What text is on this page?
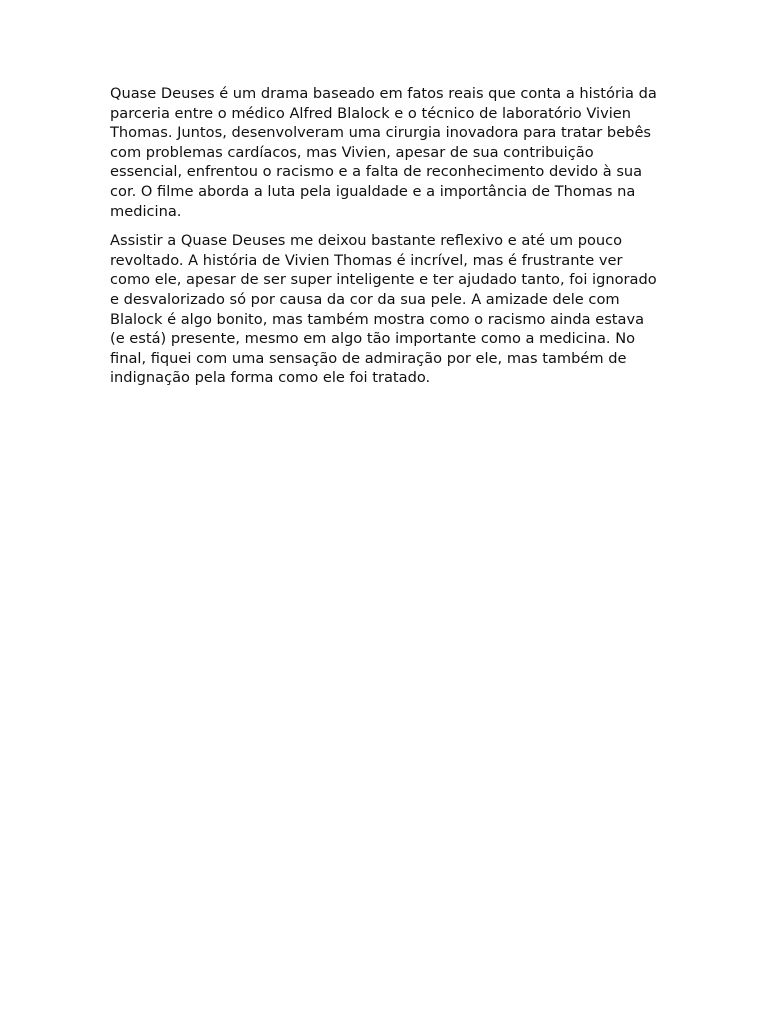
Quase Deuses é um drama baseado em fatos reais que conta a história da parceria entre o médico Alfred Blalock e o técnico de laboratório Vivien Thomas. Juntos, desenvolveram uma cirurgia inovadora para tratar bebês com problemas cardíacos, mas Vivien, apesar de sua contribuição essencial, enfrentou o racismo e a falta de reconhecimento devido à sua cor. O filme aborda a luta pela igualdade e a importância de Thomas na medicina.

Assistir a Quase Deuses me deixou bastante reflexivo e até um pouco revoltado. A história de Vivien Thomas é incrível, mas é frustrante ver como ele, apesar de ser super inteligente e ter ajudado tanto, foi ignorado e desvalorizado só por causa da cor da sua pele. A amizade dele com Blalock é algo bonito, mas também mostra como o racismo ainda estava (e está) presente, mesmo em algo tão importante como a medicina. No final, fiquei com uma sensação de admiração por ele, mas também de indignação pela forma como ele foi tratado.
